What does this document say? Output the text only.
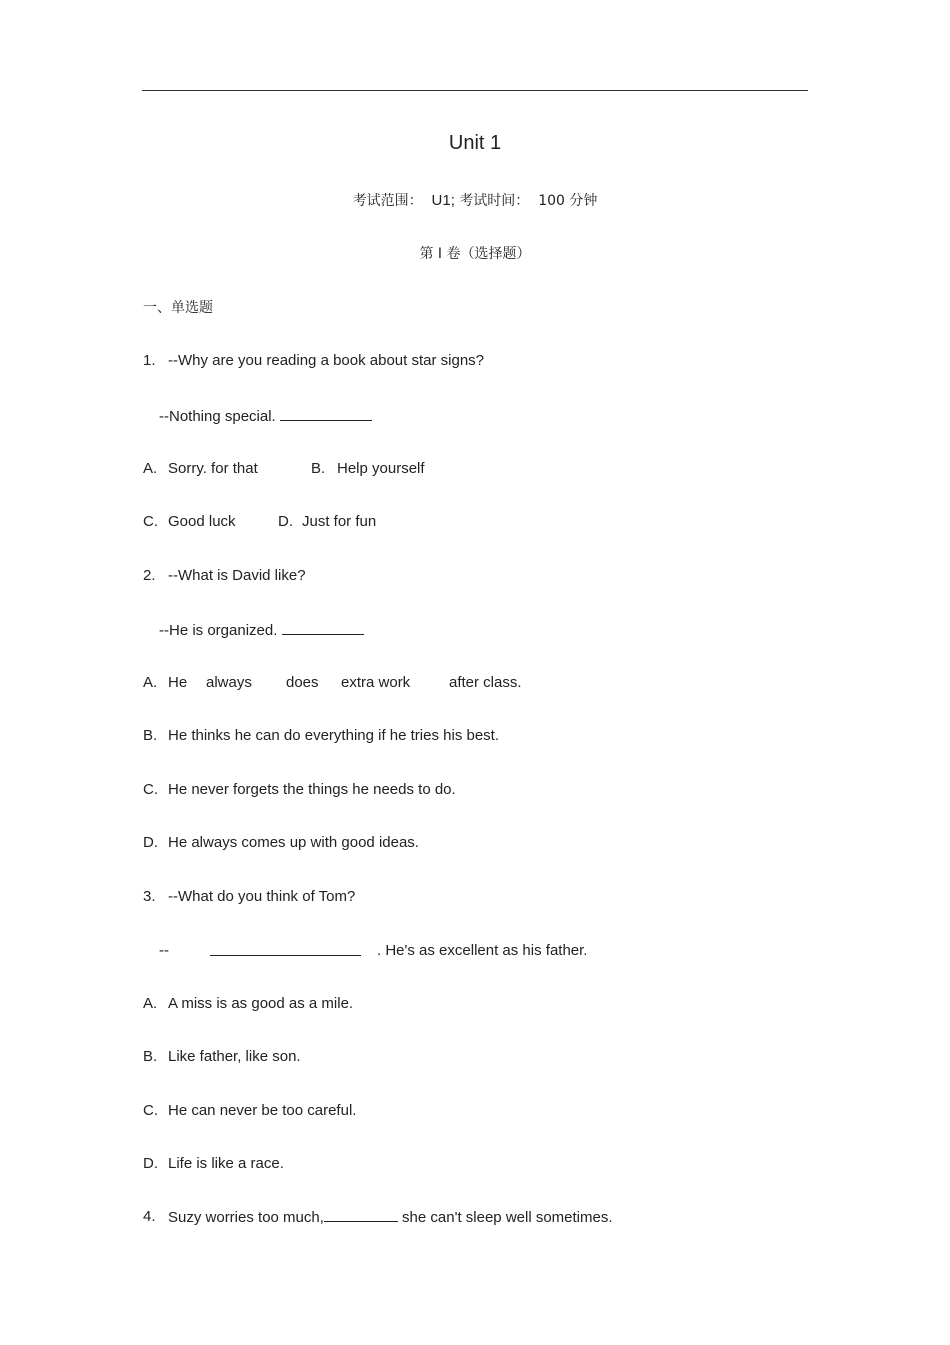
Unit 1
考试范围： U1; 考试时间： 100 分钟
第 I 卷（选择题）
一、单选题
1. --Why are you reading a book about star signs?
--Nothing special.
A. Sorry. for that	B. Help yourself
C. Good luck	D. Just for fun
2. --What is David like?
--He is organized.
A. He always does extra work	after class.
B. He thinks he can do everything if he tries his best.
C. He never forgets the things he needs to do.
D. He always comes up with good ideas.
3. --What do you think of Tom?
--	. He's as excellent as his father.
A. A miss is as good as a mile.
B. Like father, like son.
C. He can never be too careful.
D. Life is like a race.
4. Suzy worries too much,	she can't sleep well sometimes.
